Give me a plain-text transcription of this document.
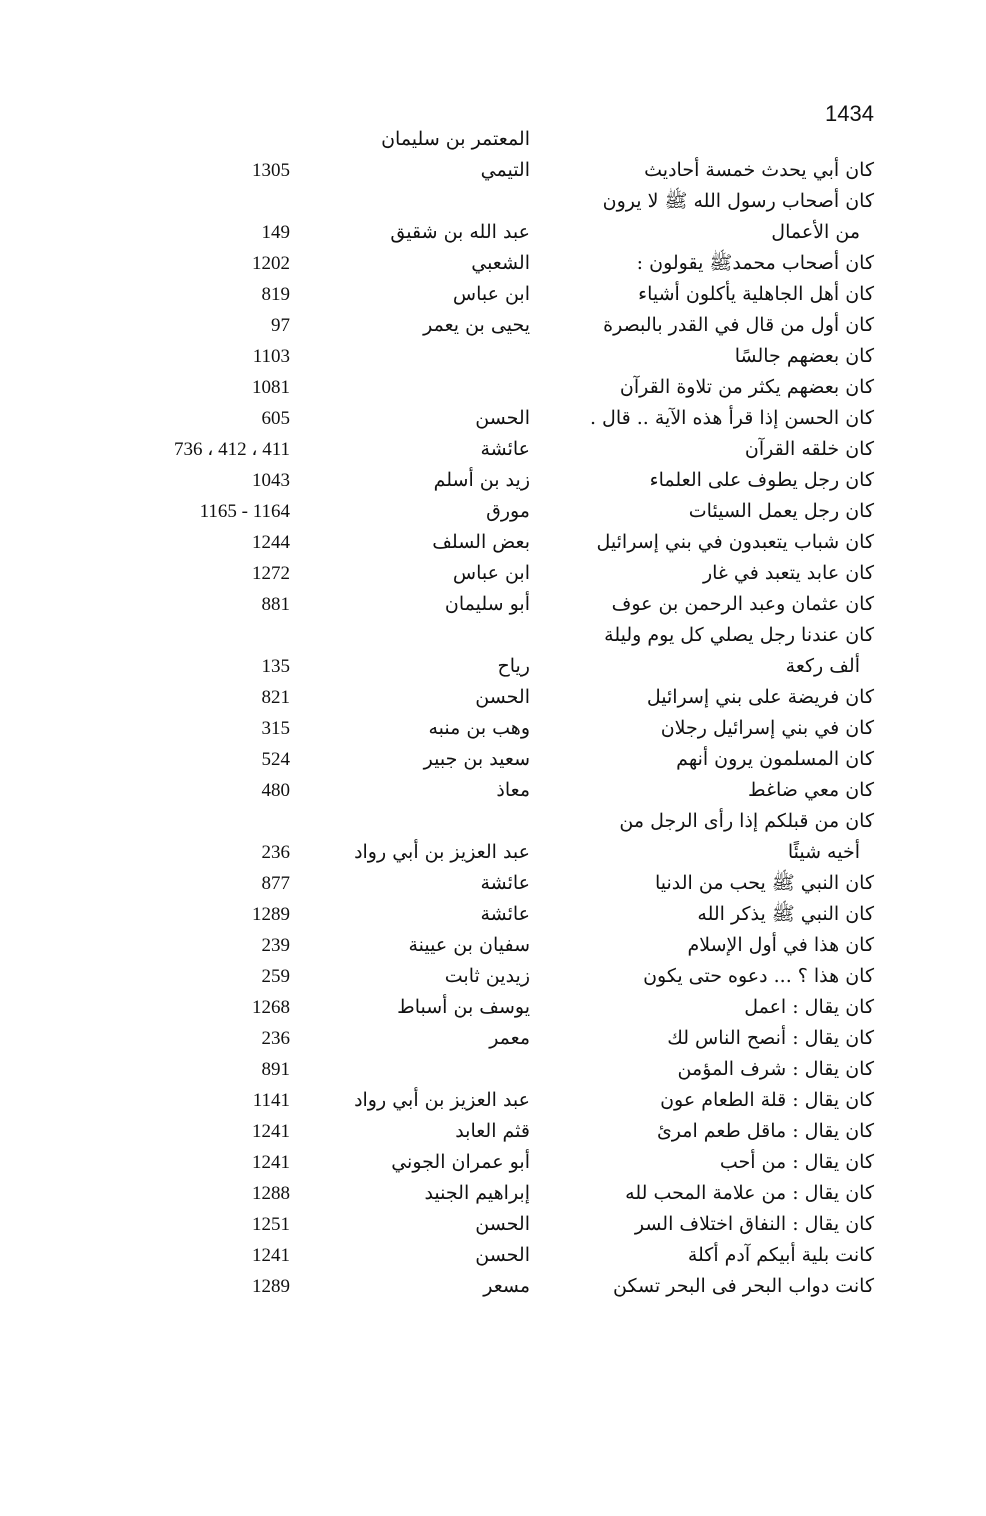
1434
كان أبي يحدث خمسة أحاديث
المعتمر بن سليمان التيمي
1305
كان أصحاب رسول الله ﷺ لا يرون
من الأعمال
عبد الله بن شقيق
149
كان أصحاب محمدﷺ يقولون :
الشعبي
1202
كان أهل الجاهلية يأكلون أشياء
ابن عباس
819
كان أول من قال في القدر بالبصرة
يحيى بن يعمر
97
كان بعضهم جالسًا
1103
كان بعضهم يكثر من تلاوة القرآن
1081
كان الحسن إذا قرأ هذه الآية .. قال .
الحسن
605
كان خلقه القرآن
عائشة
736 ، 412 ، 411
كان رجل يطوف على العلماء
زيد بن أسلم
1043
كان رجل يعمل السيئات
مورق
1165 - 1164
كان شباب يتعبدون في بني إسرائيل
بعض السلف
1244
كان عابد يتعبد في غار
ابن عباس
1272
كان عثمان وعبد الرحمن بن عوف
أبو سليمان
881
كان عندنا رجل يصلي كل يوم وليلة
ألف ركعة
رياح
135
كان فريضة على بني إسرائيل
الحسن
821
كان في بني إسرائيل رجلان
وهب بن منبه
315
كان المسلمون يرون أنهم
سعيد بن جبير
524
كان معي ضاغط
معاذ
480
كان من قبلكم إذا رأى الرجل من
أخيه شيئًا
عبد العزيز بن أبي رواد
236
كان النبي ﷺ يحب من الدنيا
عائشة
877
كان النبي ﷺ يذكر الله
عائشة
1289
كان هذا في أول الإسلام
سفيان بن عيينة
239
كان هذا ؟ ... دعوه حتى يكون
زيدين ثابت
259
كان يقال : اعمل
يوسف بن أسباط
1268
كان يقال : أنصح الناس لك
معمر
236
كان يقال : شرف المؤمن
891
كان يقال : قلة الطعام عون
عبد العزيز بن أبي رواد
1141
كان يقال : ماقل طعم امرئ
قثم العابد
1241
كان يقال : من أحب
أبو عمران الجوني
1241
كان يقال : من علامة المحب لله
إبراهيم الجنيد
1288
كان يقال : النفاق اختلاف السر
الحسن
1251
كانت بلية أبيكم آدم أكلة
الحسن
1241
كانت دواب البحر فى البحر تسكن
مسعر
1289
